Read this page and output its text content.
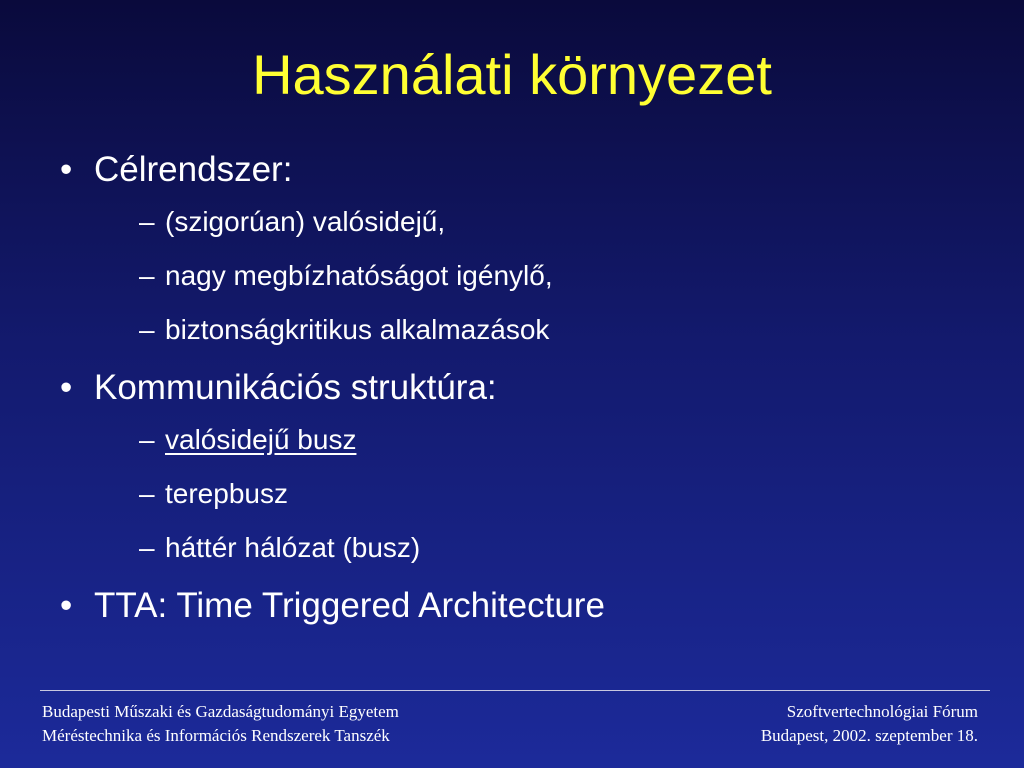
Használati környezet
• Célrendszer:
– (szigorúan) valósidejű,
– nagy megbízhatóságot igénylő,
– biztonságkritikus alkalmazások
• Kommunikációs struktúra:
– valósidejű busz
– terepbusz
– háttér hálózat (busz)
• TTA: Time Triggered Architecture
Budapesti Műszaki és Gazdaságtudományi Egyetem
Méréstechnika és Információs Rendszerek Tanszék
Szoftvertechnológiai Fórum
Budapest, 2002. szeptember 18.
